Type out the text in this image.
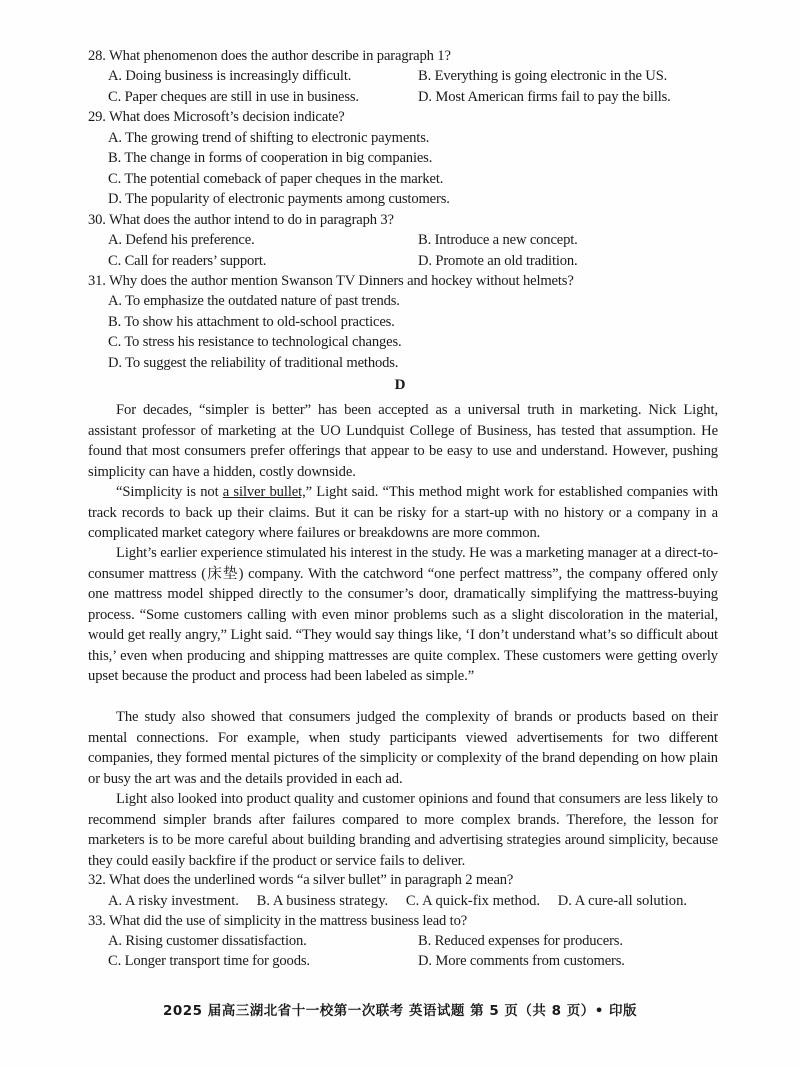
28. What phenomenon does the author describe in paragraph 1?
A. Doing business is increasingly difficult.	B. Everything is going electronic in the US.
C. Paper cheques are still in use in business.	D. Most American firms fail to pay the bills.
29. What does Microsoft’s decision indicate?
A. The growing trend of shifting to electronic payments.
B. The change in forms of cooperation in big companies.
C. The potential comeback of paper cheques in the market.
D. The popularity of electronic payments among customers.
30. What does the author intend to do in paragraph 3?
A. Defend his preference.	B. Introduce a new concept.
C. Call for readers’ support.	D. Promote an old tradition.
31. Why does the author mention Swanson TV Dinners and hockey without helmets?
A. To emphasize the outdated nature of past trends.
B. To show his attachment to old-school practices.
C. To stress his resistance to technological changes.
D. To suggest the reliability of traditional methods.
D
For decades, “simpler is better” has been accepted as a universal truth in marketing. Nick Light, assistant professor of marketing at the UO Lundquist College of Business, has tested that assumption. He found that most consumers prefer offerings that appear to be easy to use and understand. However, pushing simplicity can have a hidden, costly downside.
“Simplicity is not a silver bullet,” Light said. “This method might work for established companies with track records to back up their claims. But it can be risky for a start-up with no history or a company in a complicated market category where failures or breakdowns are more common.
Light’s earlier experience stimulated his interest in the study. He was a marketing manager at a direct-to-consumer mattress (床垫) company. With the catchword “one perfect mattress”, the company offered only one mattress model shipped directly to the consumer’s door, dramatically simplifying the mattress-buying process. “Some customers calling with even minor problems such as a slight discoloration in the material, would get really angry,” Light said. “They would say things like, ‘I don’t understand what’s so difficult about this,’ even when producing and shipping mattresses are quite complex. These customers were getting overly upset because the product and process had been labeled as simple.”
The study also showed that consumers judged the complexity of brands or products based on their mental connections. For example, when study participants viewed advertisements for two different companies, they formed mental pictures of the simplicity or complexity of the brand depending on how plain or busy the art was and the details provided in each ad.
Light also looked into product quality and customer opinions and found that consumers are less likely to recommend simpler brands after failures compared to more complex brands. Therefore, the lesson for marketers is to be more careful about building branding and advertising strategies around simplicity, because they could easily backfire if the product or service fails to deliver.
32. What does the underlined words “a silver bullet” in paragraph 2 mean?
A. A risky investment. B. A business strategy. C. A quick-fix method. D. A cure-all solution.
33. What did the use of simplicity in the mattress business lead to?
A. Rising customer dissatisfaction.	B. Reduced expenses for producers.
C. Longer transport time for goods.	D. More comments from customers.
2025 届高三湖北省十一校第一次联考 英语试题 第 5 页（共 8 页）• 印版
